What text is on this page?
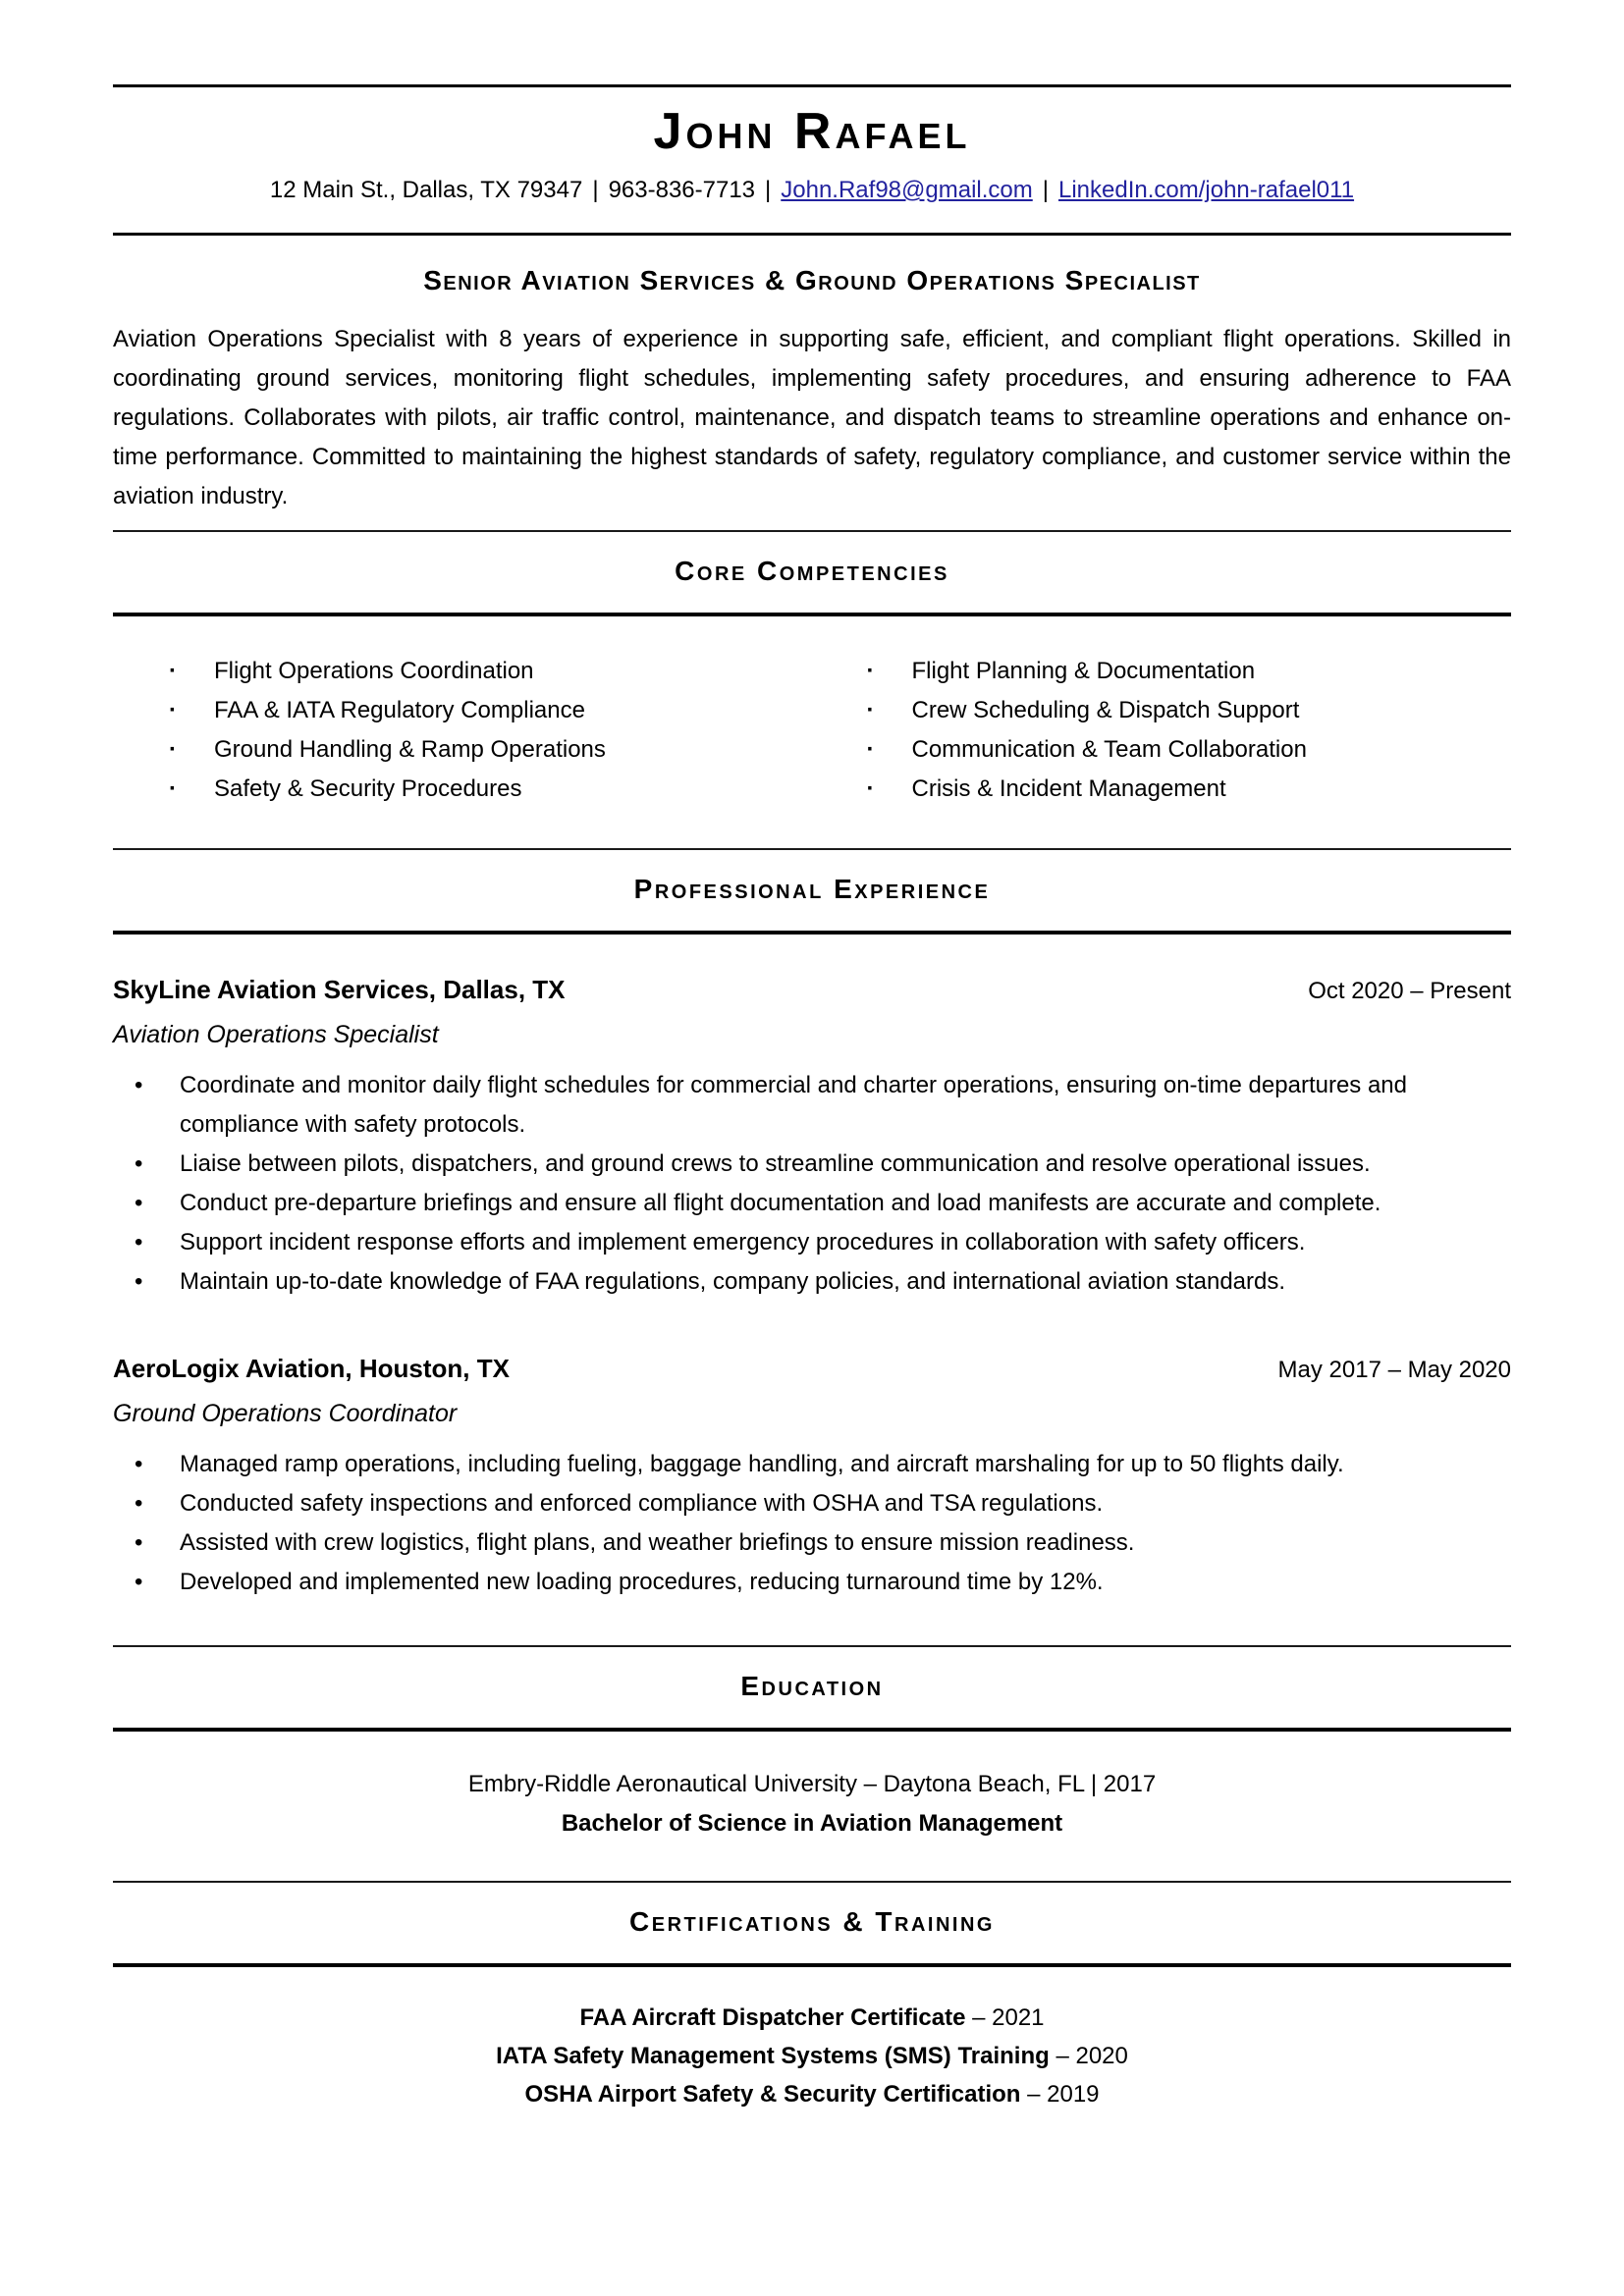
John Rafael
12 Main St., Dallas, TX 79347 | 963-836-7713 | John.Raf98@gmail.com | LinkedIn.com/john-rafael011
Senior Aviation Services & Ground Operations Specialist

Aviation Operations Specialist with 8 years of experience in supporting safe, efficient, and compliant flight operations. Skilled in coordinating ground services, monitoring flight schedules, implementing safety procedures, and ensuring adherence to FAA regulations. Collaborates with pilots, air traffic control, maintenance, and dispatch teams to streamline operations and enhance on-time performance. Committed to maintaining the highest standards of safety, regulatory compliance, and customer service within the aviation industry.

Core Competencies
· Flight Operations Coordination
· FAA & IATA Regulatory Compliance
· Ground Handling & Ramp Operations
· Safety & Security Procedures
· Flight Planning & Documentation
· Crew Scheduling & Dispatch Support
· Communication & Team Collaboration
· Crisis & Incident Management
Professional Experience
SkyLine Aviation Services, Dallas, TX	Oct 2020 – Present
Aviation Operations Specialist
• Coordinate and monitor daily flight schedules for commercial and charter operations, ensuring on-time departures and compliance with safety protocols.
• Liaise between pilots, dispatchers, and ground crews to streamline communication and resolve operational issues.
• Conduct pre-departure briefings and ensure all flight documentation and load manifests are accurate and complete.
• Support incident response efforts and implement emergency procedures in collaboration with safety officers.
• Maintain up-to-date knowledge of FAA regulations, company policies, and international aviation standards.
AeroLogix Aviation, Houston, TX	May 2017 – May 2020
Ground Operations Coordinator
• Managed ramp operations, including fueling, baggage handling, and aircraft marshaling for up to 50 flights daily.
• Conducted safety inspections and enforced compliance with OSHA and TSA regulations.
• Assisted with crew logistics, flight plans, and weather briefings to ensure mission readiness.
• Developed and implemented new loading procedures, reducing turnaround time by 12%.
Education
Embry-Riddle Aeronautical University – Daytona Beach, FL | 2017
Bachelor of Science in Aviation Management
Certifications & Training
FAA Aircraft Dispatcher Certificate – 2021
IATA Safety Management Systems (SMS) Training – 2020
OSHA Airport Safety & Security Certification – 2019
